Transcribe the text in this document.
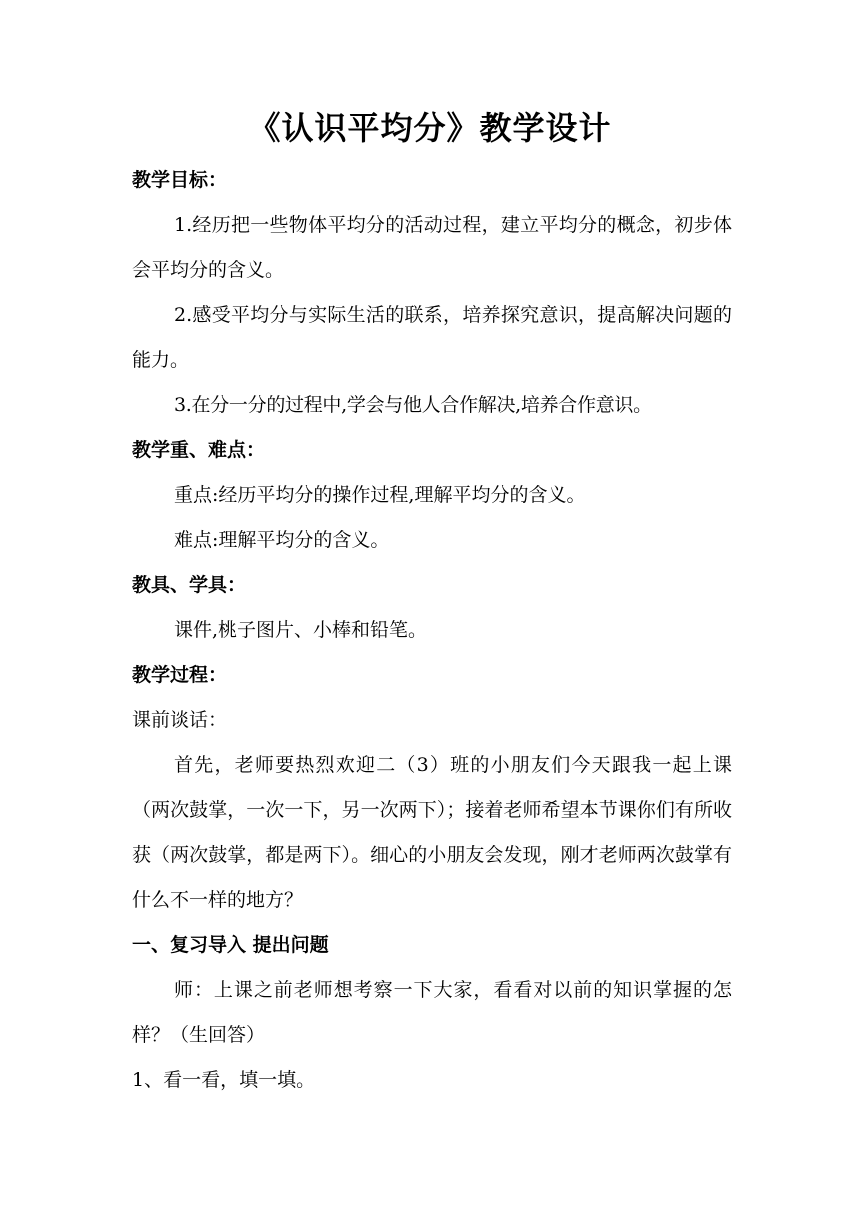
《认识平均分》教学设计

教学目标：

1.经历把一些物体平均分的活动过程，建立平均分的概念，初步体会平均分的含义。

2.感受平均分与实际生活的联系，培养探究意识，提高解决问题的能力。

3.在分一分的过程中,学会与他人合作解决,培养合作意识。

教学重、难点：

重点:经历平均分的操作过程,理解平均分的含义。

难点:理解平均分的含义。

教具、学具：

课件,桃子图片、小棒和铅笔。

教学过程：

课前谈话：

首先，老师要热烈欢迎二（3）班的小朋友们今天跟我一起上课（两次鼓掌，一次一下，另一次两下）；接着老师希望本节课你们有所收获（两次鼓掌，都是两下）。细心的小朋友会发现，刚才老师两次鼓掌有什么不一样的地方？

一、复习导入 提出问题

师：上课之前老师想考察一下大家，看看对以前的知识掌握的怎样？（生回答）

1、看一看，填一填。
